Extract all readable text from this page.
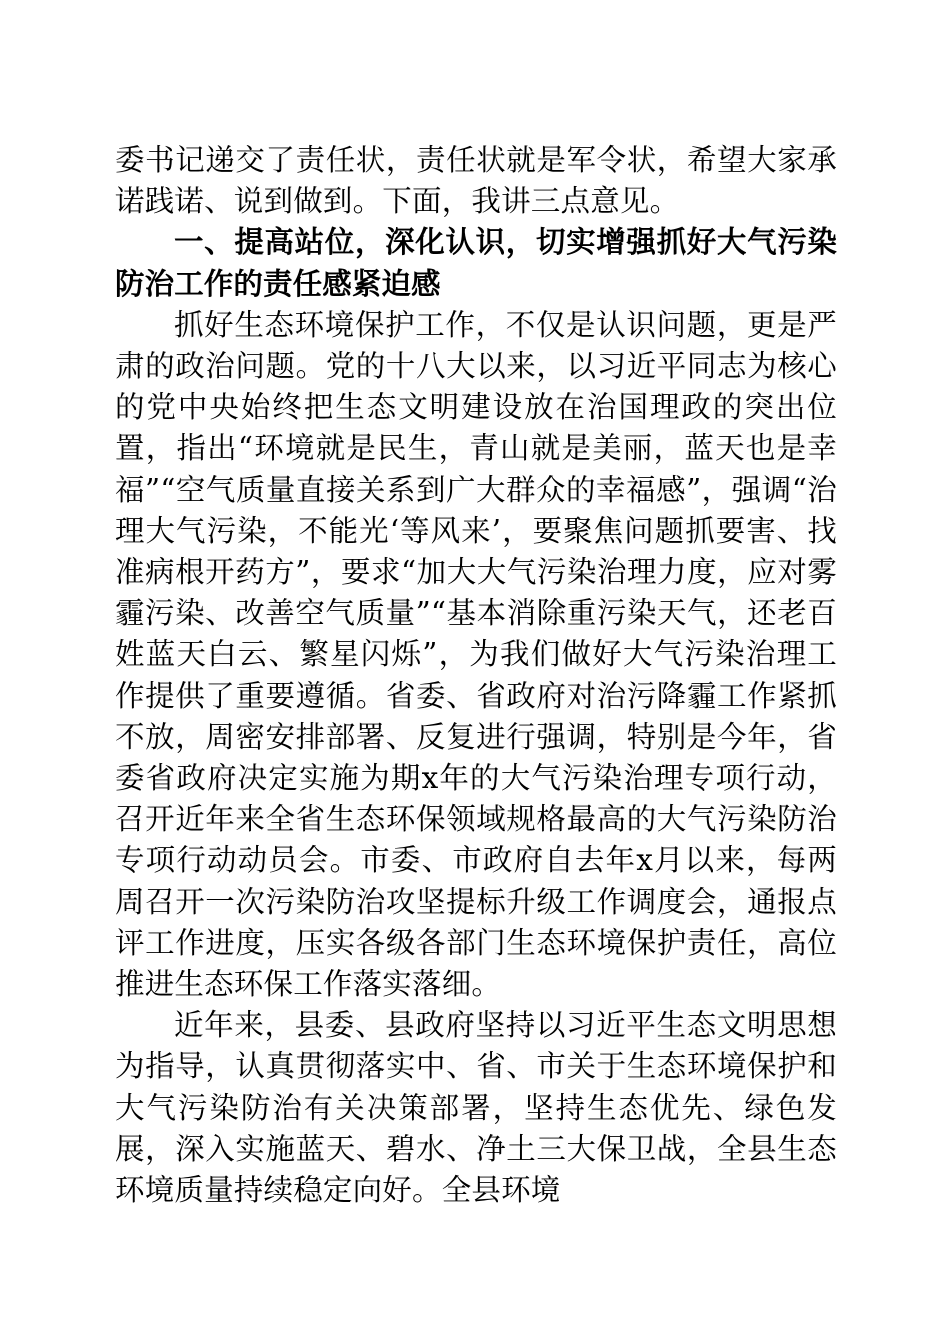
委书记递交了责任状，责任状就是军令状，希望大家承诺践诺、说到做到。下面，我讲三点意见。

一、提高站位，深化认识，切实增强抓好大气污染防治工作的责任感紧迫感

抓好生态环境保护工作，不仅是认识问题，更是严肃的政治问题。党的十八大以来，以习近平同志为核心的党中央始终把生态文明建设放在治国理政的突出位置，指出“环境就是民生，青山就是美丽，蓝天也是幸福”“空气质量直接关系到广大群众的幸福感”，强调“治理大气污染，不能光‘等风来’，要聚焦问题抓要害、找准病根开药方”，要求“加大大气污染治理力度，应对雾霾污染、改善空气质量”“基本消除重污染天气，还老百姓蓝天白云、繁星闪烁”，为我们做好大气污染治理工作提供了重要遵循。省委、省政府对治污降霾工作紧抓不放，周密安排部署、反复进行强调，特别是今年，省委省政府决定实施为期x年的大气污染治理专项行动，召开近年来全省生态环保领域规格最高的大气污染防治专项行动动员会。市委、市政府自去年x月以来，每两周召开一次污染防治攻坚提标升级工作调度会，通报点评工作进度，压实各级各部门生态环境保护责任，高位推进生态环保工作落实落细。

近年来，县委、县政府坚持以习近平生态文明思想为指导，认真贯彻落实中、省、市关于生态环境保护和大气污染防治有关决策部署，坚持生态优先、绿色发展，深入实施蓝天、碧水、净土三大保卫战，全县生态环境质量持续稳定向好。全县环境
